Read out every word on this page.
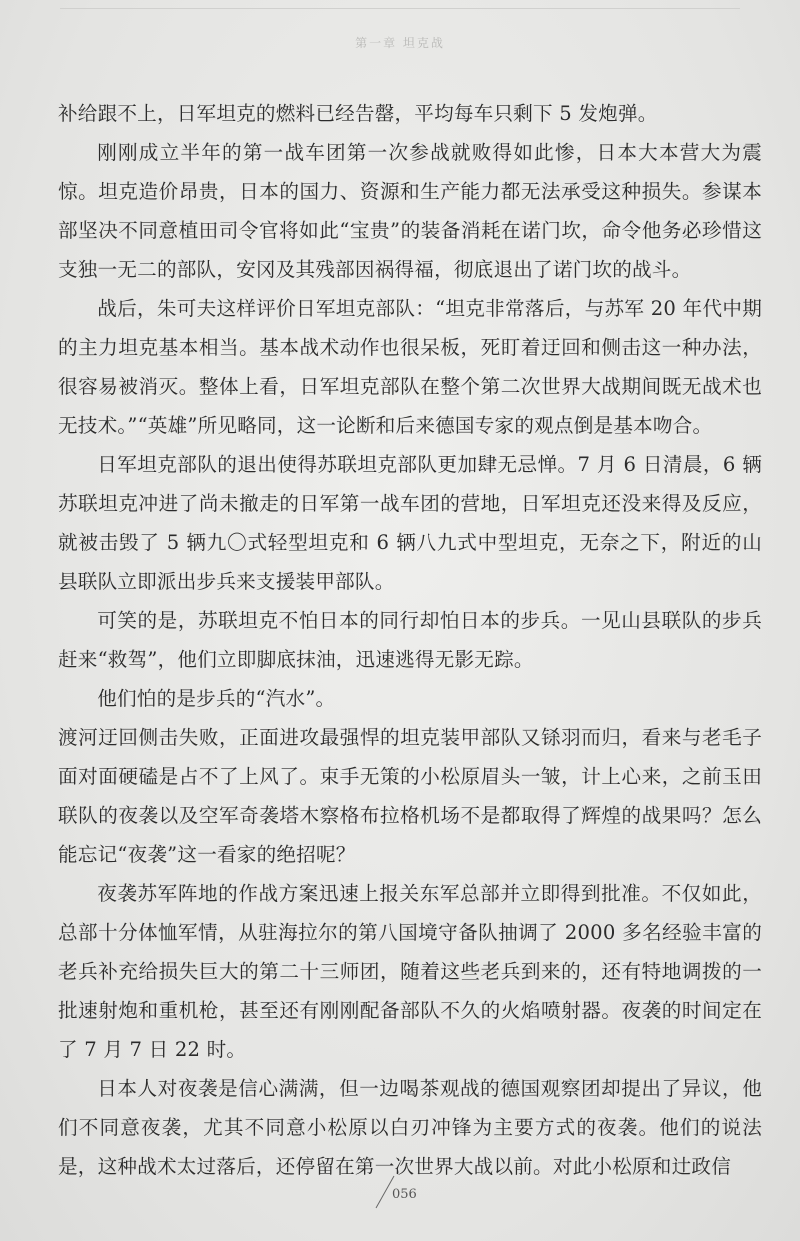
第一章 坦克战

补给跟不上，日军坦克的燃料已经告罄，平均每车只剩下 5 发炮弹。

刚刚成立半年的第一战车团第一次参战就败得如此惨，日本大本营大为震惊。坦克造价昂贵，日本的国力、资源和生产能力都无法承受这种损失。参谋本部坚决不同意植田司令官将如此“宝贵”的装备消耗在诺门坎，命令他务必珍惜这支独一无二的部队，安冈及其残部因祸得福，彻底退出了诺门坎的战斗。

战后，朱可夫这样评价日军坦克部队：“坦克非常落后，与苏军 20 年代中期的主力坦克基本相当。基本战术动作也很呆板，死盯着迂回和侧击这一种办法，很容易被消灭。整体上看，日军坦克部队在整个第二次世界大战期间既无战术也无技术。”“英雄”所见略同，这一论断和后来德国专家的观点倒是基本吻合。

日军坦克部队的退出使得苏联坦克部队更加肆无忌惮。7 月 6 日清晨，6 辆苏联坦克冲进了尚未撤走的日军第一战车团的营地，日军坦克还没来得及反应，就被击毁了 5 辆九〇式轻型坦克和 6 辆八九式中型坦克，无奈之下，附近的山县联队立即派出步兵来支援装甲部队。

可笑的是，苏联坦克不怕日本的同行却怕日本的步兵。一见山县联队的步兵赶来“救驾”，他们立即脚底抹油，迅速逃得无影无踪。

他们怕的是步兵的“汽水”。

渡河迂回侧击失败，正面进攻最强悍的坦克装甲部队又铩羽而归，看来与老毛子面对面硬磕是占不了上风了。束手无策的小松原眉头一皱，计上心来，之前玉田联队的夜袭以及空军奇袭塔木察格布拉格机场不是都取得了辉煌的战果吗？怎么能忘记“夜袭”这一看家的绝招呢？

夜袭苏军阵地的作战方案迅速上报关东军总部并立即得到批准。不仅如此，总部十分体恤军情，从驻海拉尔的第八国境守备队抽调了 2000 多名经验丰富的老兵补充给损失巨大的第二十三师团，随着这些老兵到来的，还有特地调拨的一批速射炮和重机枪，甚至还有刚刚配备部队不久的火焰喷射器。夜袭的时间定在了 7 月 7 日 22 时。

日本人对夜袭是信心满满，但一边喝茶观战的德国观察团却提出了异议，他们不同意夜袭，尤其不同意小松原以白刃冲锋为主要方式的夜袭。他们的说法是，这种战术太过落后，还停留在第一次世界大战以前。对此小松原和辻政信

056
